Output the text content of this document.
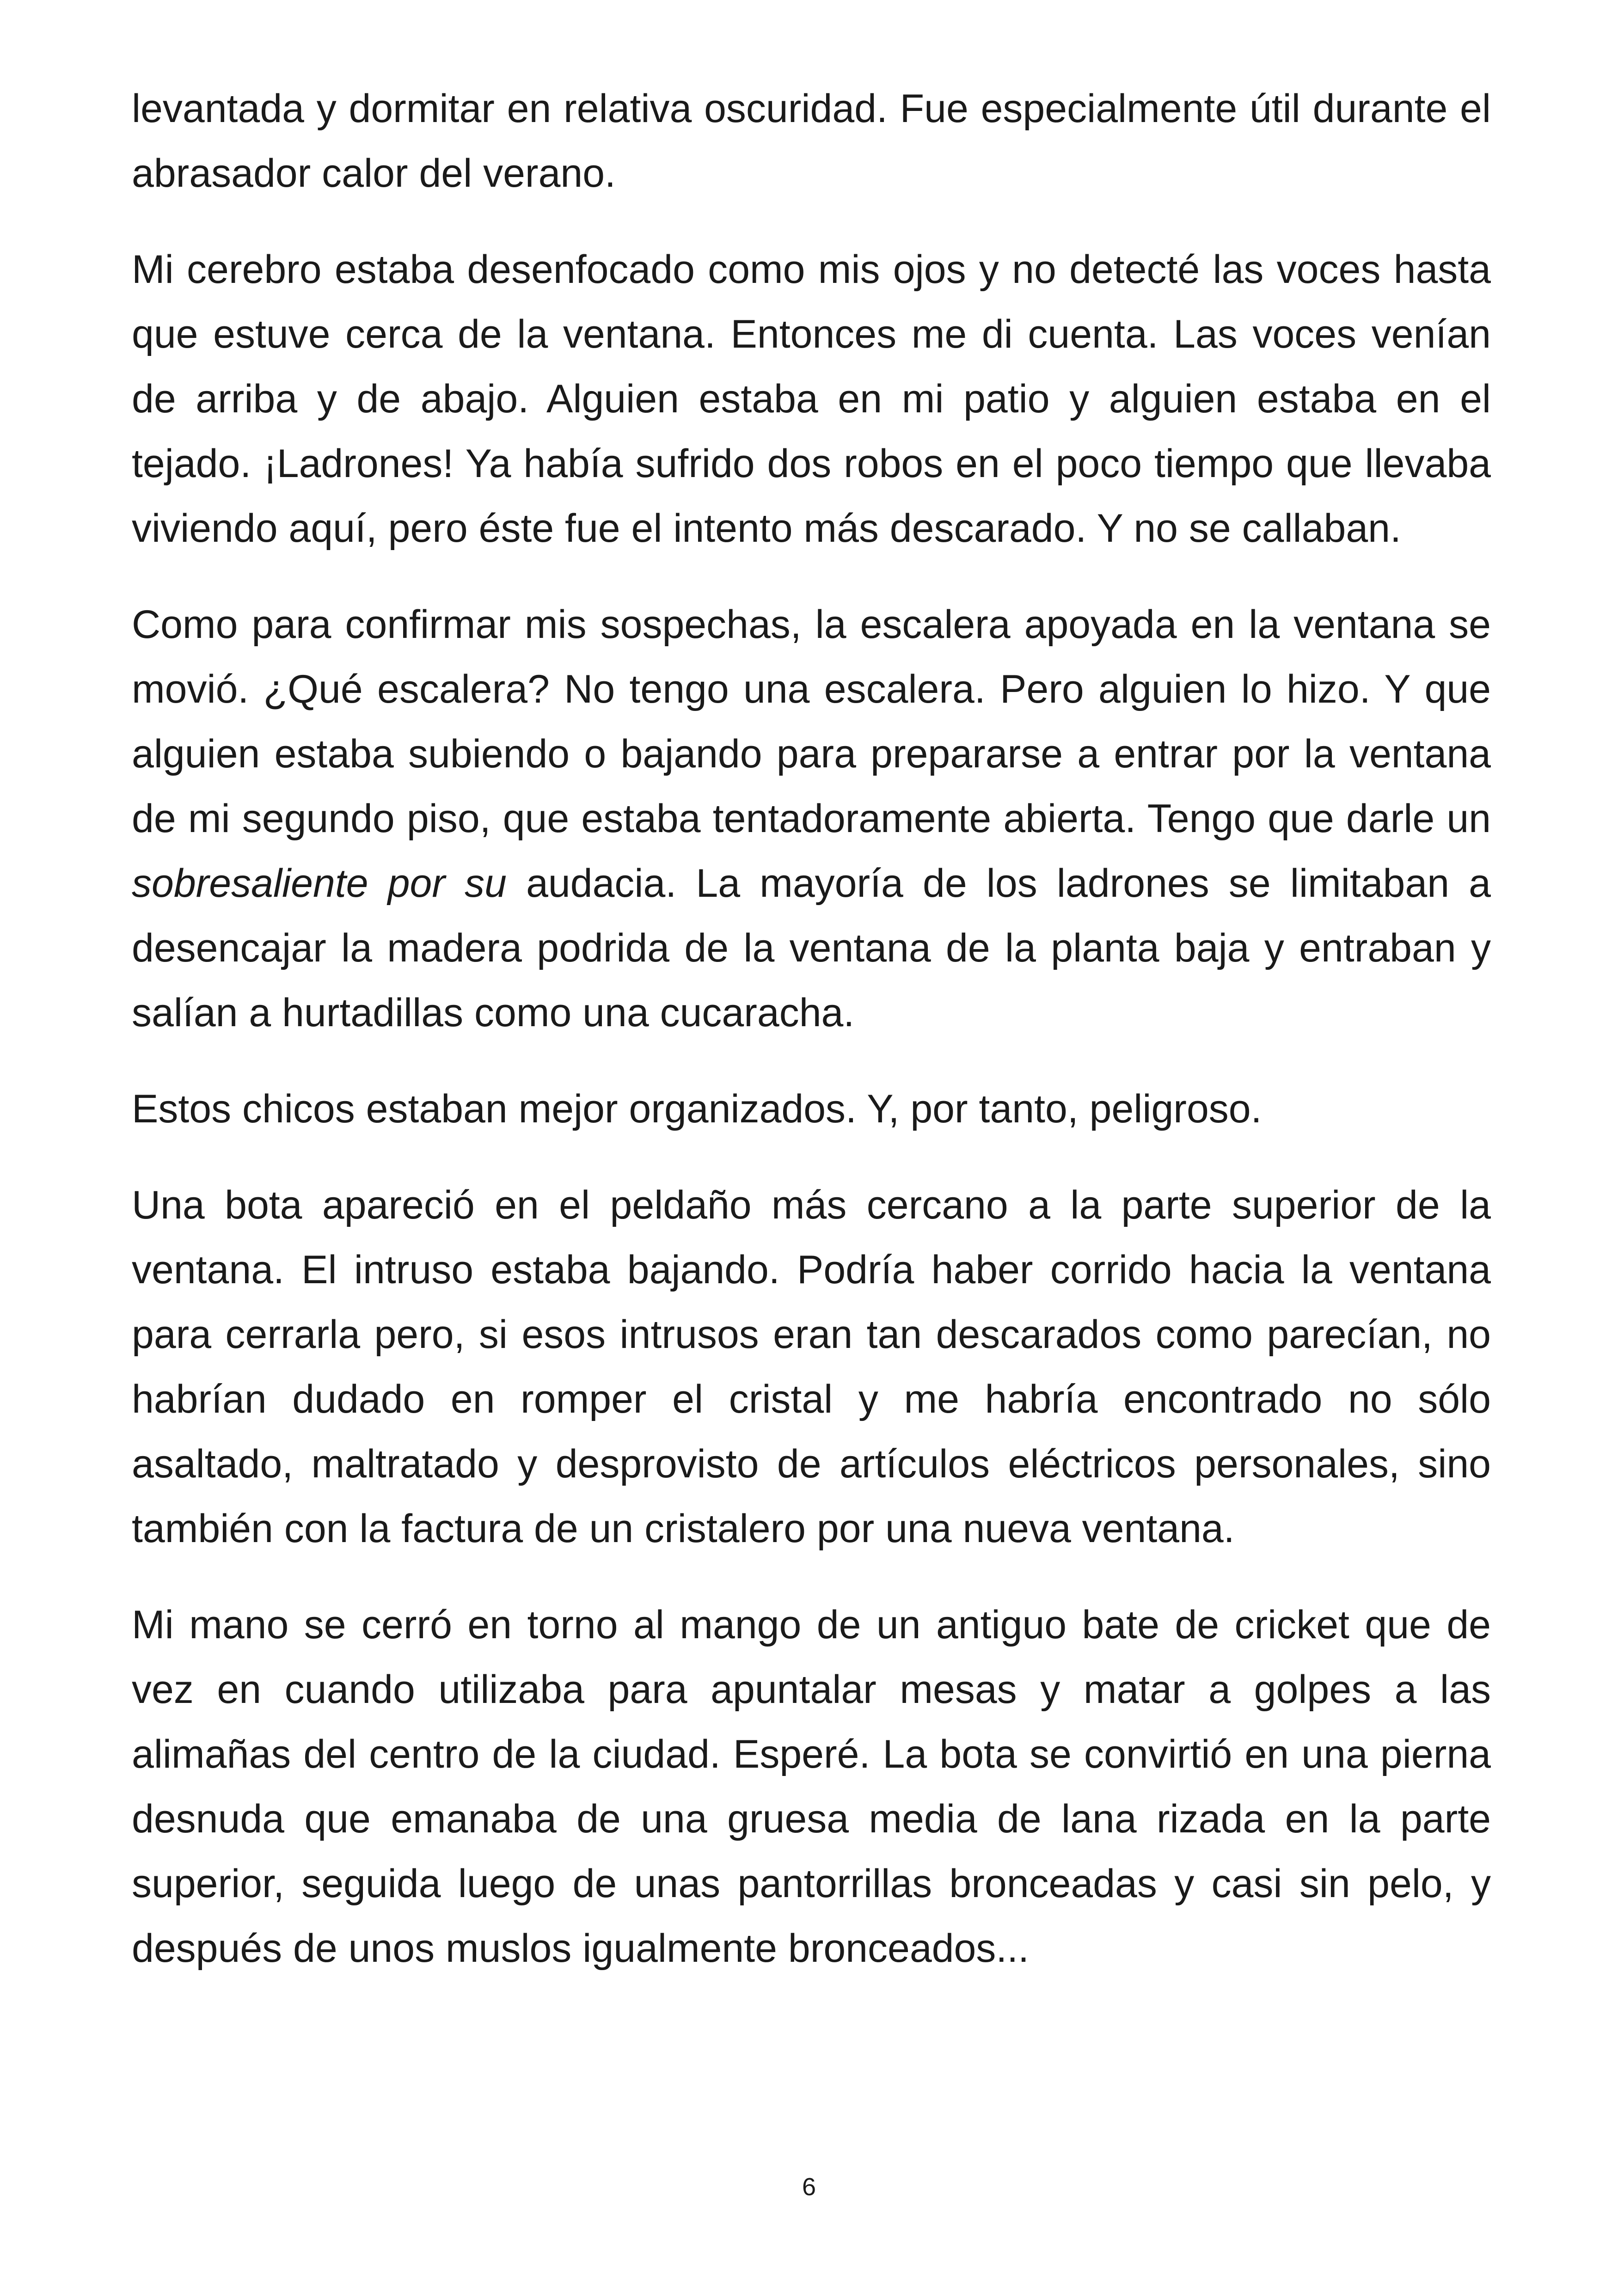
levantada y dormitar en relativa oscuridad. Fue especialmente útil durante el abrasador calor del verano.

Mi cerebro estaba desenfocado como mis ojos y no detecté las voces hasta que estuve cerca de la ventana. Entonces me di cuenta. Las voces venían de arriba y de abajo. Alguien estaba en mi patio y alguien estaba en el tejado. ¡Ladrones! Ya había sufrido dos robos en el poco tiempo que llevaba viviendo aquí, pero éste fue el intento más descarado. Y no se callaban.

Como para confirmar mis sospechas, la escalera apoyada en la ventana se movió. ¿Qué escalera? No tengo una escalera. Pero alguien lo hizo. Y que alguien estaba subiendo o bajando para prepararse a entrar por la ventana de mi segundo piso, que estaba tentadoramente abierta. Tengo que darle un sobresaliente por su audacia. La mayoría de los ladrones se limitaban a desencajar la madera podrida de la ventana de la planta baja y entraban y salían a hurtadillas como una cucaracha.

Estos chicos estaban mejor organizados. Y, por tanto, peligroso.

Una bota apareció en el peldaño más cercano a la parte superior de la ventana. El intruso estaba bajando. Podría haber corrido hacia la ventana para cerrarla pero, si esos intrusos eran tan descarados como parecían, no habrían dudado en romper el cristal y me habría encontrado no sólo asaltado, maltratado y desprovisto de artículos eléctricos personales, sino también con la factura de un cristalero por una nueva ventana.

Mi mano se cerró en torno al mango de un antiguo bate de cricket que de vez en cuando utilizaba para apuntalar mesas y matar a golpes a las alimañas del centro de la ciudad. Esperé. La bota se convirtió en una pierna desnuda que emanaba de una gruesa media de lana rizada en la parte superior, seguida luego de unas pantorrillas bronceadas y casi sin pelo, y después de unos muslos igualmente bronceados...

6
